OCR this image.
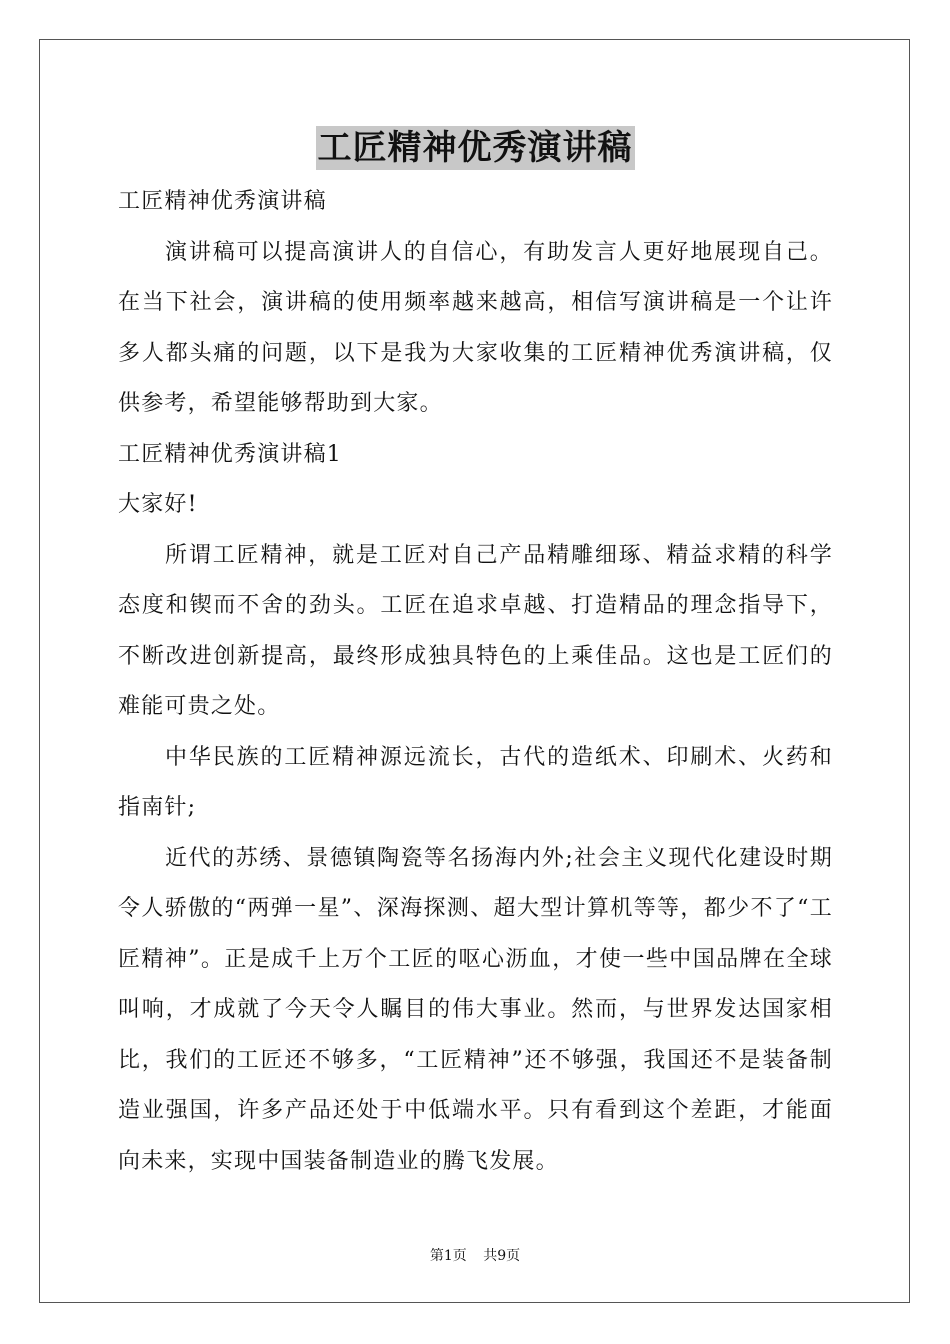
工匠精神优秀演讲稿

工匠精神优秀演讲稿

演讲稿可以提高演讲人的自信心，有助发言人更好地展现自己。在当下社会，演讲稿的使用频率越来越高，相信写演讲稿是一个让许多人都头痛的问题，以下是我为大家收集的工匠精神优秀演讲稿，仅供参考，希望能够帮助到大家。

工匠精神优秀演讲稿1

大家好!

所谓工匠精神，就是工匠对自己产品精雕细琢、精益求精的科学态度和锲而不舍的劲头。工匠在追求卓越、打造精品的理念指导下，不断改进创新提高，最终形成独具特色的上乘佳品。这也是工匠们的难能可贵之处。

中华民族的工匠精神源远流长，古代的造纸术、印刷术、火药和指南针;

近代的苏绣、景德镇陶瓷等名扬海内外;社会主义现代化建设时期令人骄傲的“两弹一星”、深海探测、超大型计算机等等，都少不了“工匠精神”。正是成千上万个工匠的呕心沥血，才使一些中国品牌在全球叫响，才成就了今天令人瞩目的伟大事业。然而，与世界发达国家相比，我们的工匠还不够多，“工匠精神”还不够强，我国还不是装备制造业强国，许多产品还处于中低端水平。只有看到这个差距，才能面向未来，实现中国装备制造业的腾飞发展。

第1页 共9页
